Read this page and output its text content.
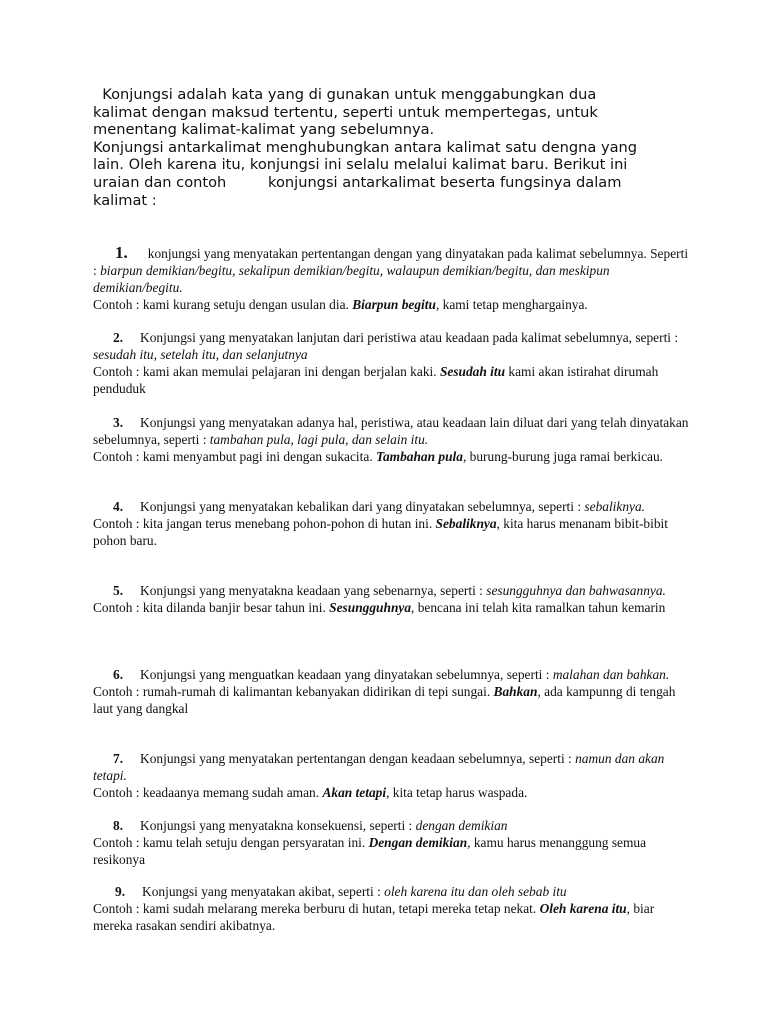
Konjungsi adalah kata yang di gunakan untuk menggabungkan dua
kalimat dengan maksud tertentu, seperti untuk mempertegas, untuk
menentang kalimat-kalimat yang sebelumnya.
Konjungsi antarkalimat menghubungkan antara kalimat satu dengna yang
lain. Oleh karena itu, konjungsi ini selalu melalui kalimat baru. Berikut ini
uraian dan contoh         konjungsi antarkalimat beserta fungsinya dalam
kalimat :
1. konjungsi yang menyatakan pertentangan dengan yang dinyatakan pada kalimat sebelumnya. Seperti : biarpun demikian/begitu, sekalipun demikian/begitu, walaupun demikian/begitu, dan meskipun demikian/begitu.
Contoh : kami kurang setuju dengan usulan dia. Biarpun begitu, kami tetap menghargainya.
2. Konjungsi yang menyatakan lanjutan dari peristiwa atau keadaan pada kalimat sebelumnya, seperti : sesudah itu, setelah itu, dan selanjutnya
Contoh : kami akan memulai pelajaran ini dengan berjalan kaki. Sesudah itu kami akan istirahat dirumah penduduk
3. Konjungsi yang menyatakan adanya hal, peristiwa, atau keadaan lain diluat dari yang telah dinyatakan sebelumnya, seperti : tambahan pula, lagi pula, dan selain itu.
Contoh : kami menyambut pagi ini dengan sukacita. Tambahan pula, burung-burung juga ramai berkicau.
4. Konjungsi yang menyatakan kebalikan dari yang dinyatakan sebelumnya, seperti : sebaliknya.
Contoh : kita jangan terus menebang pohon-pohon di hutan ini. Sebaliknya, kita harus menanam bibit-bibit pohon baru.
5. Konjungsi yang menyatakna keadaan yang sebenarnya, seperti : sesungguhnya dan bahwasannya.
Contoh : kita dilanda banjir besar tahun ini. Sesungguhnya, bencana ini telah kita ramalkan tahun kemarin
6. Konjungsi yang menguatkan keadaan yang dinyatakan sebelumnya, seperti : malahan dan bahkan.
Contoh : rumah-rumah di kalimantan kebanyakan didirikan di tepi sungai. Bahkan, ada kampunng di tengah laut yang dangkal
7. Konjungsi yang menyatakan pertentangan dengan keadaan sebelumnya, seperti : namun dan akan tetapi.
Contoh : keadaanya memang sudah aman. Akan tetapi, kita tetap harus waspada.
8. Konjungsi yang menyatakna konsekuensi, seperti : dengan demikian
Contoh : kamu telah setuju dengan persyaratan ini. Dengan demikian, kamu harus menanggung semua resikonya
9. Konjungsi yang menyatakan akibat, seperti : oleh karena itu dan oleh sebab itu
Contoh : kami sudah melarang mereka berburu di hutan, tetapi mereka tetap nekat. Oleh karena itu, biar mereka rasakan sendiri akibatnya.
